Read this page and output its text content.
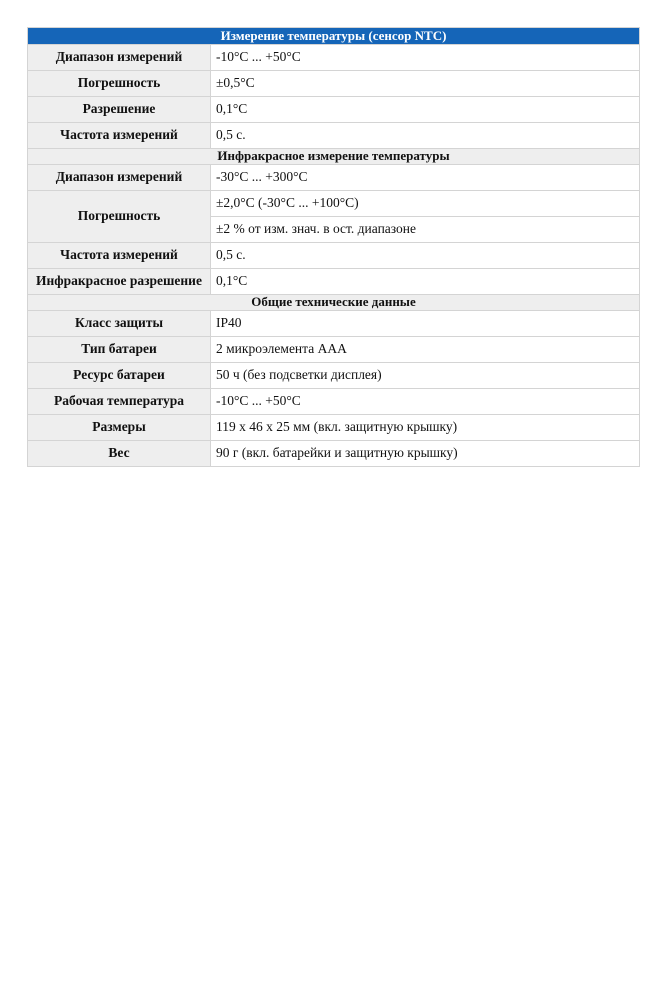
Измерение температуры (сенсор NTC)	
Диапазон измерений	-10°С ... +50°С
Погрешность	±0,5°С
Разрешение	0,1°С
Частота измерений	0,5 с.
Инфракрасное измерение температуры	
Диапазон измерений	-30°С ... +300°С
Погрешность	±2,0°С (-30°С ... +100°С)
	±2 % от изм. знач. в ост. диапазоне
Частота измерений	0,5 с.
Инфракрасное разрешение	0,1°С
Общие технические данные	
Класс защиты	IP40
Тип батареи	2 микроэлемента ААА
Ресурс батареи	50 ч (без подсветки дисплея)
Рабочая температура	-10°С ... +50°С
Размеры	119 х 46 х 25 мм (вкл. защитную крышку)
Вес	90 г (вкл. батарейки и защитную крышку)
